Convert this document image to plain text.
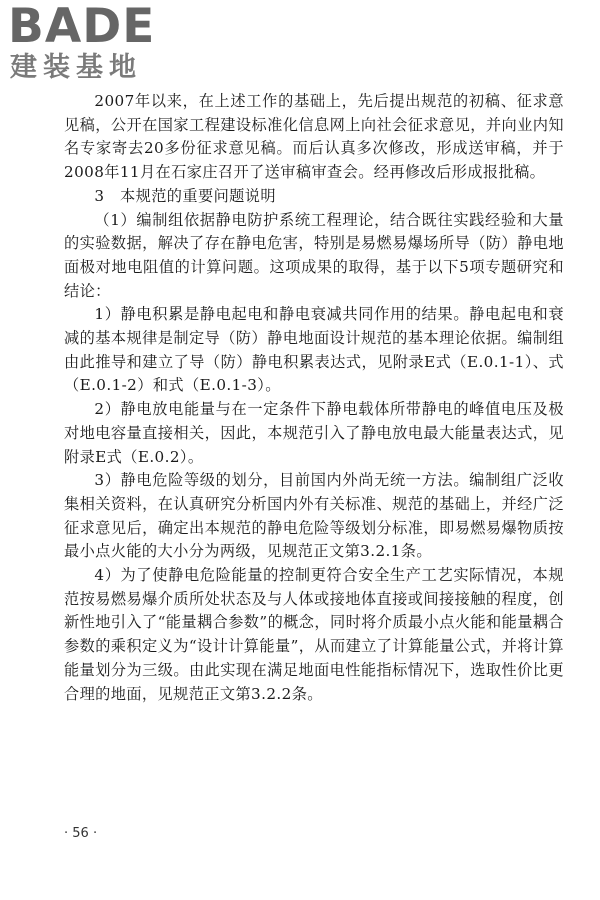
BADE
建装基地

2007年以来，在上述工作的基础上，先后提出规范的初稿、征求意见稿，公开在国家工程建设标准化信息网上向社会征求意见，并向业内知名专家寄去20多份征求意见稿。而后认真多次修改，形成送审稿，并于2008年11月在石家庄召开了送审稿审查会。经再修改后形成报批稿。

3　本规范的重要问题说明

（1）编制组依据静电防护系统工程理论，结合既往实践经验和大量的实验数据，解决了存在静电危害，特别是易燃易爆场所导（防）静电地面极对地电阻值的计算问题。这项成果的取得，基于以下5项专题研究和结论：

1）静电积累是静电起电和静电衰减共同作用的结果。静电起电和衰减的基本规律是制定导（防）静电地面设计规范的基本理论依据。编制组由此推导和建立了导（防）静电积累表达式，见附录E式（E.0.1-1）、式（E.0.1-2）和式（E.0.1-3）。

2）静电放电能量与在一定条件下静电载体所带静电的峰值电压及极对地电容量直接相关，因此，本规范引入了静电放电最大能量表达式，见附录E式（E.0.2）。

3）静电危险等级的划分，目前国内外尚无统一方法。编制组广泛收集相关资料，在认真研究分析国内外有关标准、规范的基础上，并经广泛征求意见后，确定出本规范的静电危险等级划分标准，即易燃易爆物质按最小点火能的大小分为两级，见规范正文第3.2.1条。

4）为了使静电危险能量的控制更符合安全生产工艺实际情况，本规范按易燃易爆介质所处状态及与人体或接地体直接或间接接触的程度，创新性地引入了“能量耦合参数”的概念，同时将介质最小点火能和能量耦合参数的乘积定义为“设计计算能量”，从而建立了计算能量公式，并将计算能量划分为三级。由此实现在满足地面电性能指标情况下，选取性价比更合理的地面，见规范正文第3.2.2条。

· 56 ·
